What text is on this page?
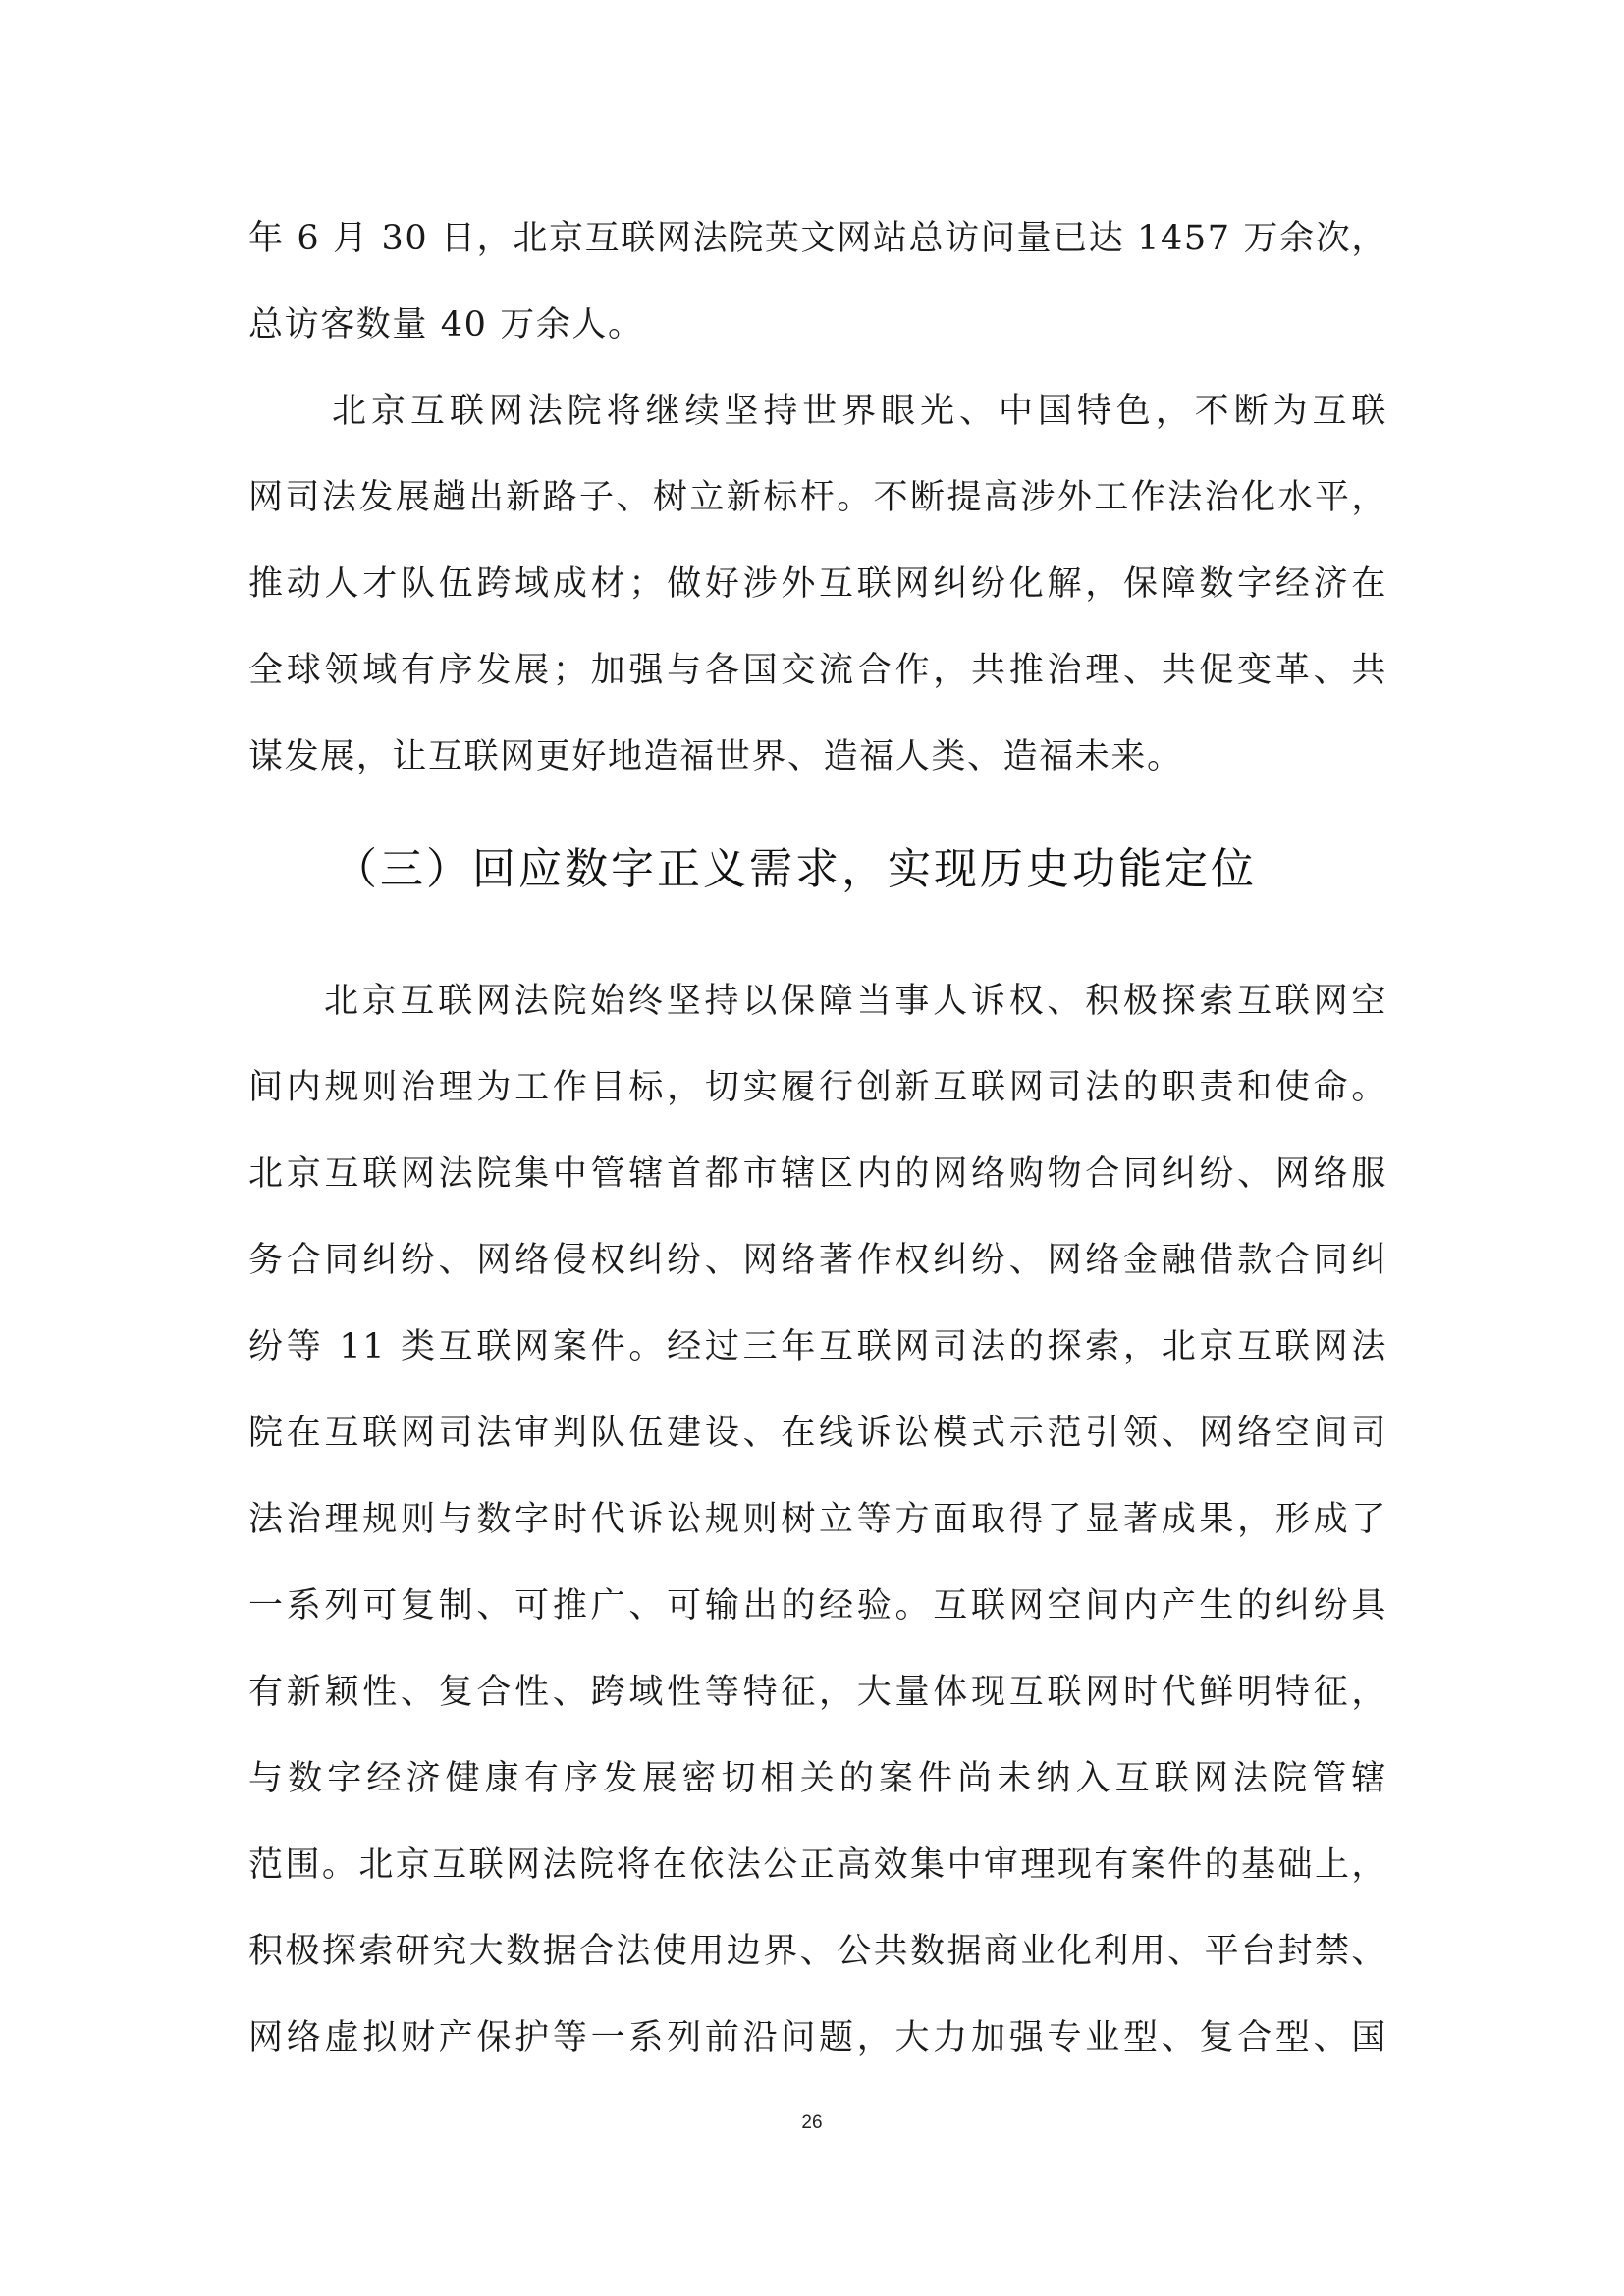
年 6 月 30 日，北京互联网法院英文网站总访问量已达 1457 万余次，
总访客数量 40 万余人。
北京互联网法院将继续坚持世界眼光、中国特色，不断为互联
网司法发展趟出新路子、树立新标杆。不断提高涉外工作法治化水平，
推动人才队伍跨域成材；做好涉外互联网纠纷化解，保障数字经济在
全球领域有序发展；加强与各国交流合作，共推治理、共促变革、共
谋发展，让互联网更好地造福世界、造福人类、造福未来。
（三）回应数字正义需求，实现历史功能定位
北京互联网法院始终坚持以保障当事人诉权、积极探索互联网空
间内规则治理为工作目标，切实履行创新互联网司法的职责和使命。
北京互联网法院集中管辖首都市辖区内的网络购物合同纠纷、网络服
务合同纠纷、网络侵权纠纷、网络著作权纠纷、网络金融借款合同纠
纷等 11 类互联网案件。经过三年互联网司法的探索，北京互联网法
院在互联网司法审判队伍建设、在线诉讼模式示范引领、网络空间司
法治理规则与数字时代诉讼规则树立等方面取得了显著成果，形成了
一系列可复制、可推广、可输出的经验。互联网空间内产生的纠纷具
有新颖性、复合性、跨域性等特征，大量体现互联网时代鲜明特征，
与数字经济健康有序发展密切相关的案件尚未纳入互联网法院管辖
范围。北京互联网法院将在依法公正高效集中审理现有案件的基础上，
积极探索研究大数据合法使用边界、公共数据商业化利用、平台封禁、
网络虚拟财产保护等一系列前沿问题，大力加强专业型、复合型、国
26
